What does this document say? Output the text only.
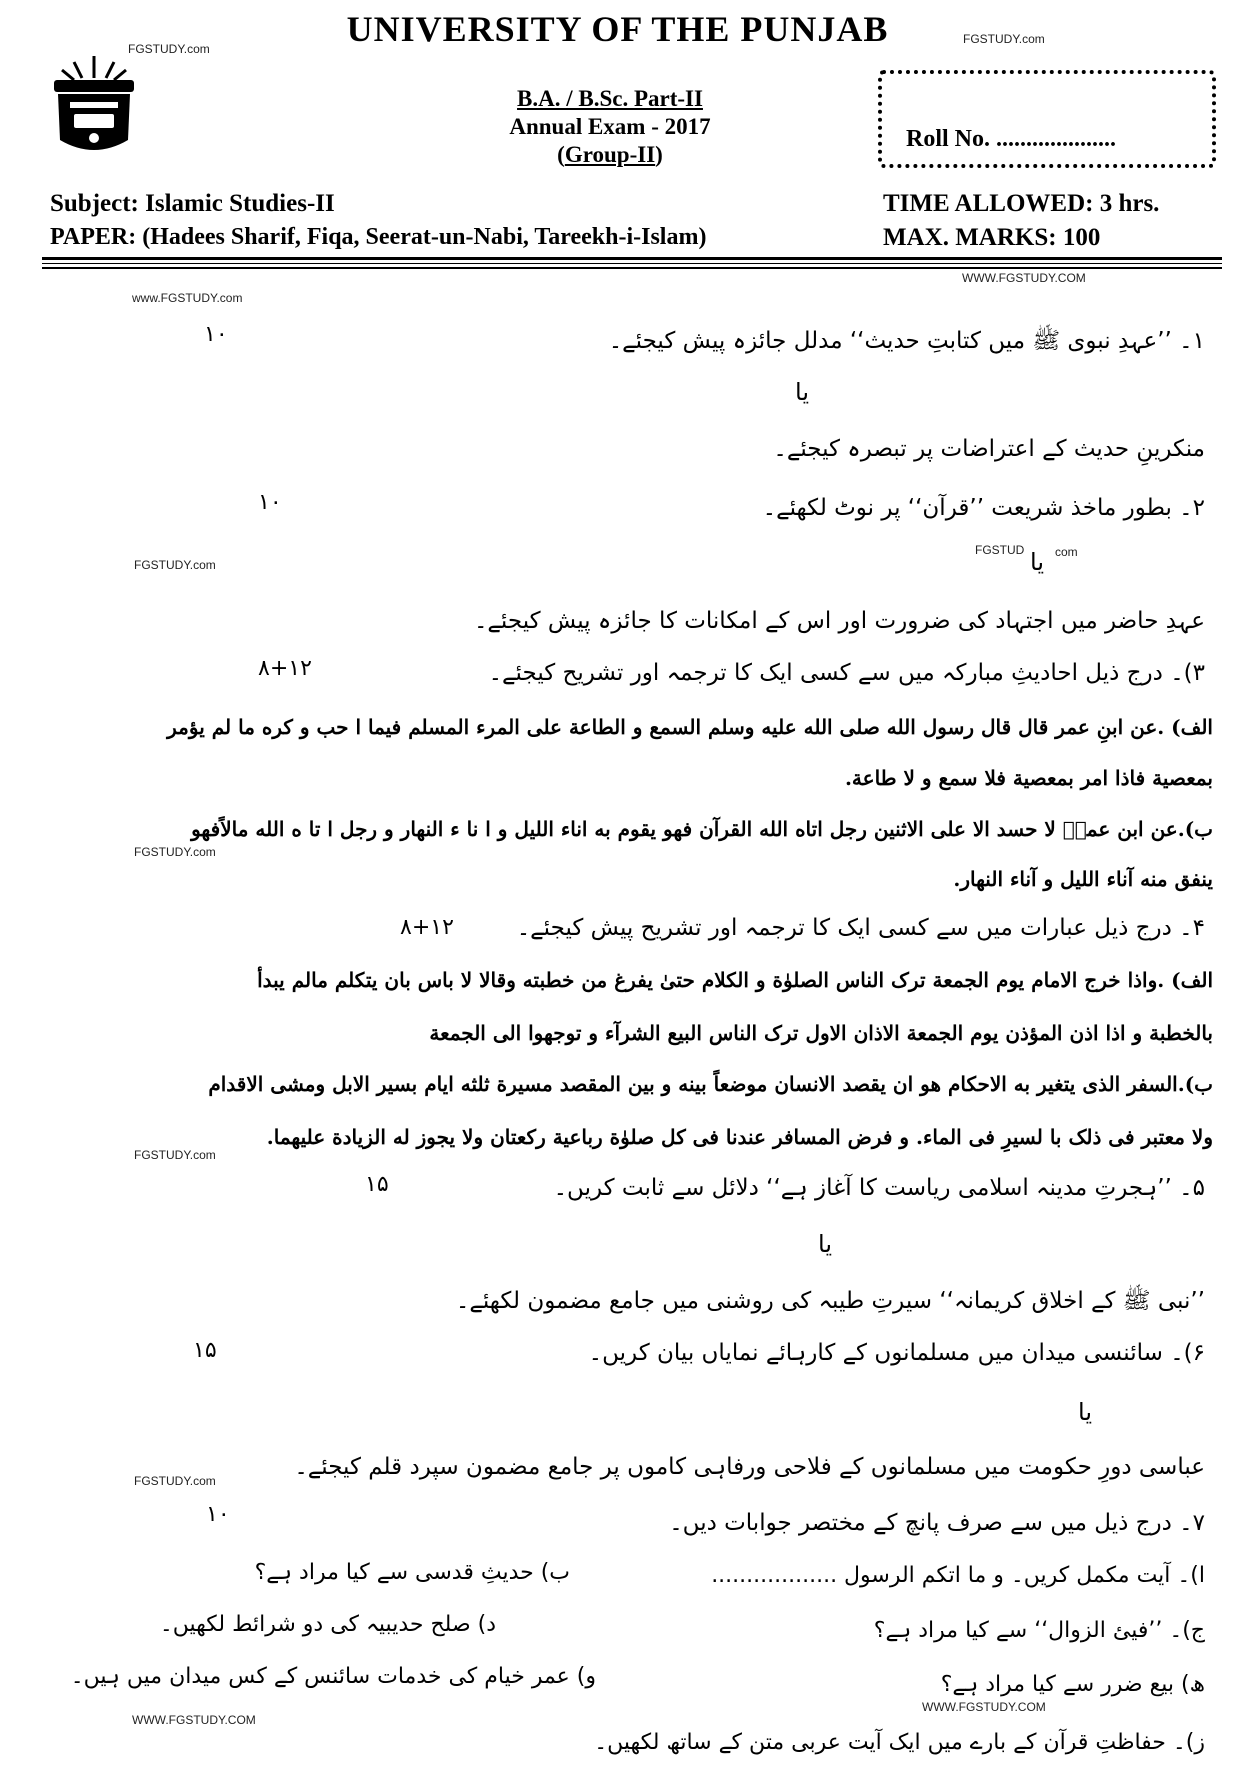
UNIVERSITY OF THE PUNJAB
FGSTUDY.com
FGSTUDY.com
B.A. / B.Sc. Part-II
Annual Exam - 2017
(Group-II)
Roll No. ....................
Subject: Islamic Studies-II
PAPER: (Hadees Sharif, Fiqa, Seerat-un-Nabi, Tareekh-i-Islam)
TIME ALLOWED: 3 hrs.
MAX. MARKS: 100
WWW.FGSTUDY.COM
www.FGSTUDY.com
١۔ ’’عہدِ نبوی ﷺ میں کتابتِ حدیث‘‘ مدلل جائزہ پیش کیجئے۔
۱۰
یا
منکرینِ حدیث کے اعتراضات پر تبصرہ کیجئے۔
۲۔ بطور ماخذ شریعت ’’قرآن‘‘ پر نوٹ لکھئے۔
۱۰
FGSTUDY.com
FGSTUD	com
یا
عہدِ حاضر میں اجتہاد کی ضرورت اور اس کے امکانات کا جائزہ پیش کیجئے۔
۳)۔ درج ذیل احادیثِ مبارکہ میں سے کسی ایک کا ترجمہ اور تشریح کیجئے۔
۸+۱۲
الف) .عن ابنِ عمر قال قال رسول الله صلی الله علیه وسلم السمع و الطاعة علی المرء المسلم فیما ا حب و کره ما لم یؤمر
بمعصیة فاذا امر بمعصیة فلا سمع و لا طاعة.
ب).عن ابن عمرؓ لا حسد الا علی الاثنین رجل اتاه الله القرآن فهو یقوم به اناء اللیل و ا نا ء النهار و رجل ا تا ه الله مالاًفهو
FGSTUDY.com
ینفق منه آناء اللیل و آناء النهار.
۴۔ درج ذیل عبارات میں سے کسی ایک کا ترجمہ اور تشریح پیش کیجئے۔
۸+۱۲
الف) .واذا خرج الامام یوم الجمعة ترک الناس الصلوٰة و الکلام حتیٰ یفرغ من خطبته وقالا لا باس بان یتکلم مالم یبدأ
بالخطبة و اذا اذن المؤذن یوم الجمعة الاذان الاول ترک الناس البیع الشرآء و توجهوا الی الجمعة
ب).السفر الذی یتغیر به الاحکام هو ان یقصد الانسان موضعاً بینه و بین المقصد مسیرة ثلثه ایام بسیر الابل ومشی الاقدام
ولا معتبر فی ذلک با لسیرِ فی الماء. و فرض المسافر عندنا فی کل صلوٰة رباعیة رکعتان ولا یجوز له الزیادة علیهما.
FGSTUDY.com
۵۔ ’’ہجرتِ مدینہ اسلامی ریاست کا آغاز ہے‘‘ دلائل سے ثابت کریں۔
۱۵
یا
’’نبی ﷺ کے اخلاق کریمانہ‘‘ سیرتِ طیبہ کی روشنی میں جامع مضمون لکھئے۔
۶)۔ سائنسی میدان میں مسلمانوں کے کارہائے نمایاں بیان کریں۔
۱۵
یا
عباسی دورِ حکومت میں مسلمانوں کے فلاحی ورفاہی کاموں پر جامع مضمون سپرد قلم کیجئے۔
FGSTUDY.com
۱۰	۷۔ درج ذیل میں سے صرف پانچ کے مختصر جوابات دیں۔
ا)۔ آیت مکمل کریں۔ و ما اتکم الرسول ..................
ب) حدیثِ قدسی سے کیا مراد ہے؟
ج)۔ ’’فیئ الزوال‘‘ سے کیا مراد ہے؟
د) صلح حدیبیہ کی دو شرائط لکھیں۔
ھ) بیع ضرر سے کیا مراد ہے؟
و) عمر خیام کی خدمات سائنس کے کس میدان میں ہیں۔
WWW.FGSTUDY.COM
WWW.FGSTUDY.COM
ز)۔ حفاظتِ قرآن کے بارے میں ایک آیت عربی متن کے ساتھ لکھیں۔
